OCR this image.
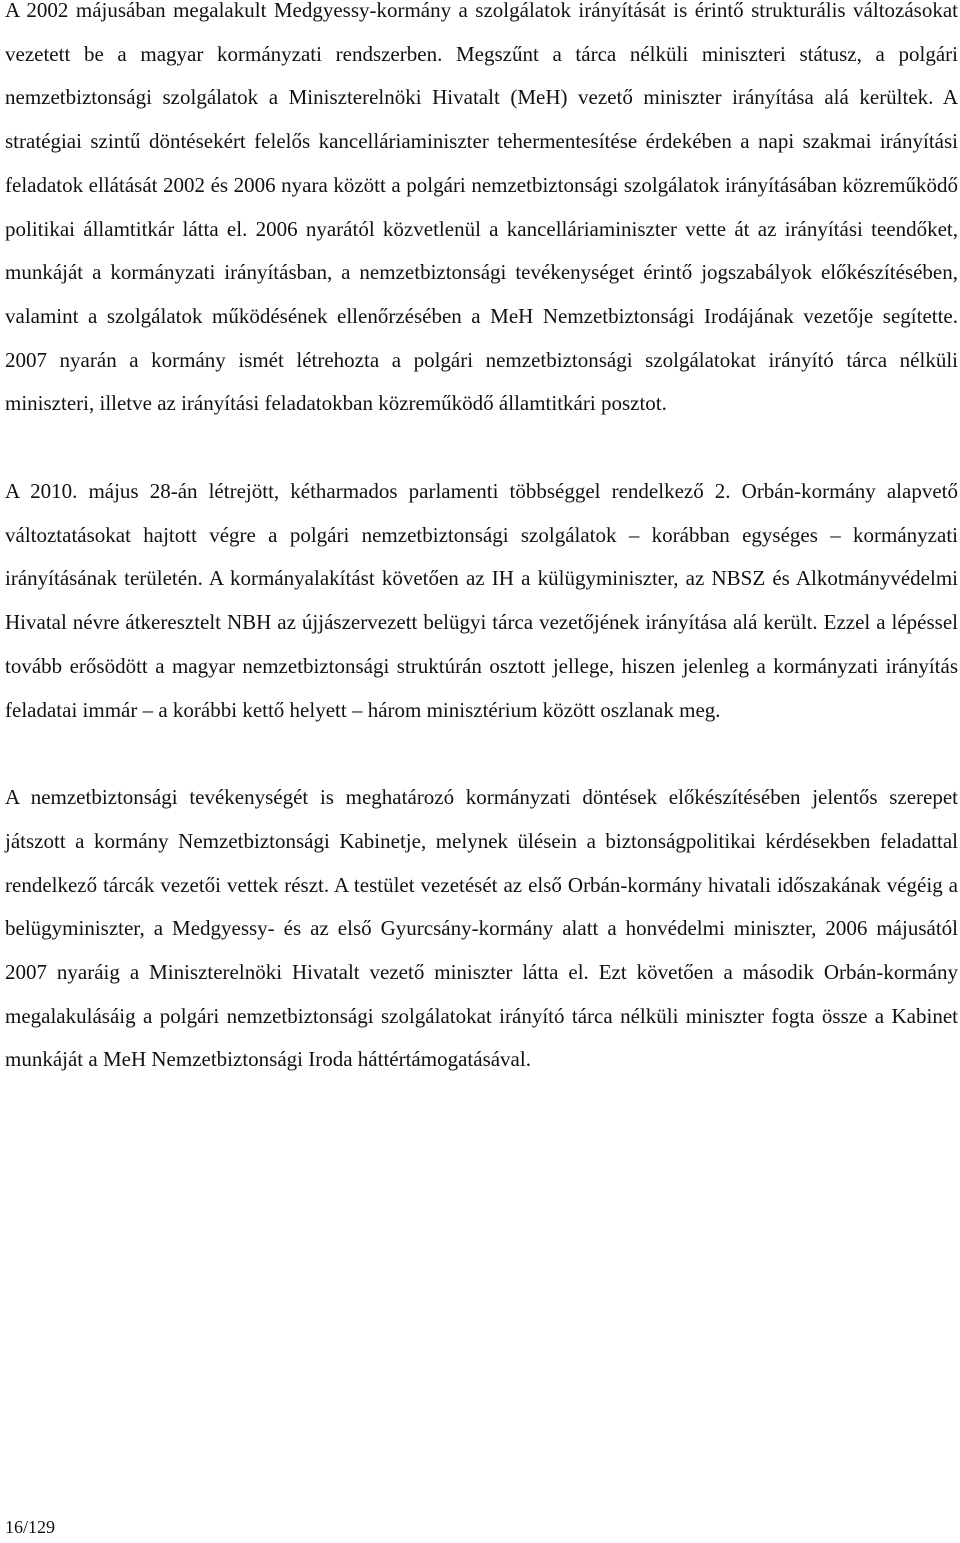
A 2002 májusában megalakult Medgyessy-kormány a szolgálatok irányítását is érintő strukturális változásokat vezetett be a magyar kormányzati rendszerben. Megszűnt a tárca nélküli miniszteri státusz, a polgári nemzetbiztonsági szolgálatok a Miniszterelnöki Hivatalt (MeH) vezető miniszter irányítása alá kerültek. A stratégiai szintű döntésekért felelős kancelláriaminiszter tehermentesítése érdekében a napi szakmai irányítási feladatok ellátását 2002 és 2006 nyara között a polgári nemzetbiztonsági szolgálatok irányításában közreműködő politikai államtitkár látta el. 2006 nyarától közvetlenül a kancelláriaminiszter vette át az irányítási teendőket, munkáját a kormányzati irányításban, a nemzetbiztonsági tevékenységet érintő jogszabályok előkészítésében, valamint a szolgálatok működésének ellenőrzésében a MeH Nemzetbiztonsági Irodájának vezetője segítette. 2007 nyarán a kormány ismét létrehozta a polgári nemzetbiztonsági szolgálatokat irányító tárca nélküli miniszteri, illetve az irányítási feladatokban közreműködő államtitkári posztot.

A 2010. május 28-án létrejött, kétharmados parlamenti többséggel rendelkező 2. Orbán-kormány alapvető változtatásokat hajtott végre a polgári nemzetbiztonsági szolgálatok – korábban egységes – kormányzati irányításának területén. A kormányalakítást követően az IH a külügyminiszter, az NBSZ és Alkotmányvédelmi Hivatal névre átkeresztelt NBH az újjászervezett belügyi tárca vezetőjének irányítása alá került. Ezzel a lépéssel tovább erősödött a magyar nemzetbiztonsági struktúrán osztott jellege, hiszen jelenleg a kormányzati irányítás feladatai immár – a korábbi kettő helyett – három minisztérium között oszlanak meg.

A nemzetbiztonsági tevékenységét is meghatározó kormányzati döntések előkészítésében jelentős szerepet játszott a kormány Nemzetbiztonsági Kabinetje, melynek ülésein a biztonságpolitikai kérdésekben feladattal rendelkező tárcák vezetői vettek részt. A testület vezetését az első Orbán-kormány hivatali időszakának végéig a belügyminiszter, a Medgyessy- és az első Gyurcsány-kormány alatt a honvédelmi miniszter, 2006 májusától 2007 nyaráig a Miniszterelnöki Hivatalt vezető miniszter látta el. Ezt követően a második Orbán-kormány megalakulásáig a polgári nemzetbiztonsági szolgálatokat irányító tárca nélküli miniszter fogta össze a Kabinet munkáját a MeH Nemzetbiztonsági Iroda háttértámogatásával.

16/129
